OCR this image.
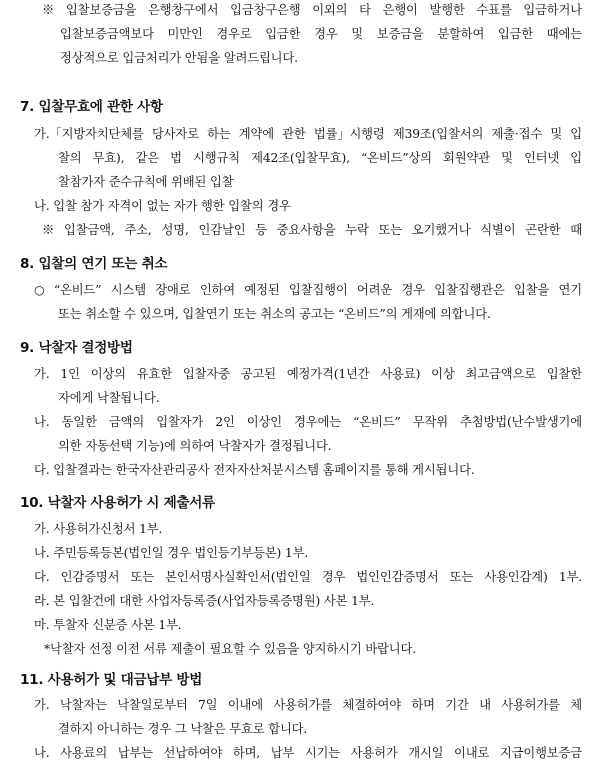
※ 입찰보증금을 은행창구에서 입금창구은행 이외의 타 은행이 발행한 수표를 입금하거나
입찰보증금액보다 미만인 경우로 입금한 경우 및 보증금을 분할하여 입금한 때에는
정상적으로 입금처리가 안됨을 알려드립니다.
7. 입찰무효에 관한 사항
가.「지방자치단체를 당사자로 하는 계약에 관한 법률」시행령 제39조(입찰서의 제출·접수 및 입
찰의 무효), 같은 법 시행규칙 제42조(입찰무효), “온비드”상의 회원약관 및 인터넷 입
찰참가자 준수규칙에 위배된 입찰
나. 입찰 참가 자격이 없는 자가 행한 입찰의 경우
※ 입찰금액, 주소, 성명, 인감날인 등 중요사항을 누락 또는 오기했거나 식별이 곤란한 때
8. 입찰의 연기 또는 취소
○ “온비드” 시스템 장애로 인하여 예정된 입찰집행이 어려운 경우 입찰집행관은 입찰을 연기
또는 취소할 수 있으며, 입찰연기 또는 취소의 공고는 “온비드”의 게재에 의합니다.
9. 낙찰자 결정방법
가. 1인 이상의 유효한 입찰자중 공고된 예정가격(1년간 사용료) 이상 최고금액으로 입찰한
자에게 낙찰됩니다.
나. 동일한 금액의 입찰자가 2인 이상인 경우에는 “온비드” 무작위 추첨방법(난수발생기에
의한 자동선택 기능)에 의하여 낙찰자가 결정됩니다.
다. 입찰결과는 한국자산관리공사 전자자산처분시스템 홈페이지를 통해 게시됩니다.
10. 낙찰자 사용허가 시 제출서류
가. 사용허가신청서 1부.
나. 주민등록등본(법인일 경우 법인등기부등본) 1부.
다. 인감증명서 또는 본인서명사실확인서(법인일 경우 법인인감증명서 또는 사용인감계) 1부.
라. 본 입찰건에 대한 사업자등록증(사업자등록증명원) 사본 1부.
마. 투찰자 신분증 사본 1부.
*낙찰자 선정 이전 서류 제출이 필요할 수 있음을 양지하시기 바랍니다.
11. 사용허가 및 대금납부 방법
가. 낙찰자는 낙찰일로부터 7일 이내에 사용허가를 체결하여야 하며 기간 내 사용허가를 체
결하지 아니하는 경우 그 낙찰은 무효로 합니다.
나. 사용료의 납부는 선납하여야 하며, 납부 시기는 사용허가 개시일 이내로 지급이행보증금
